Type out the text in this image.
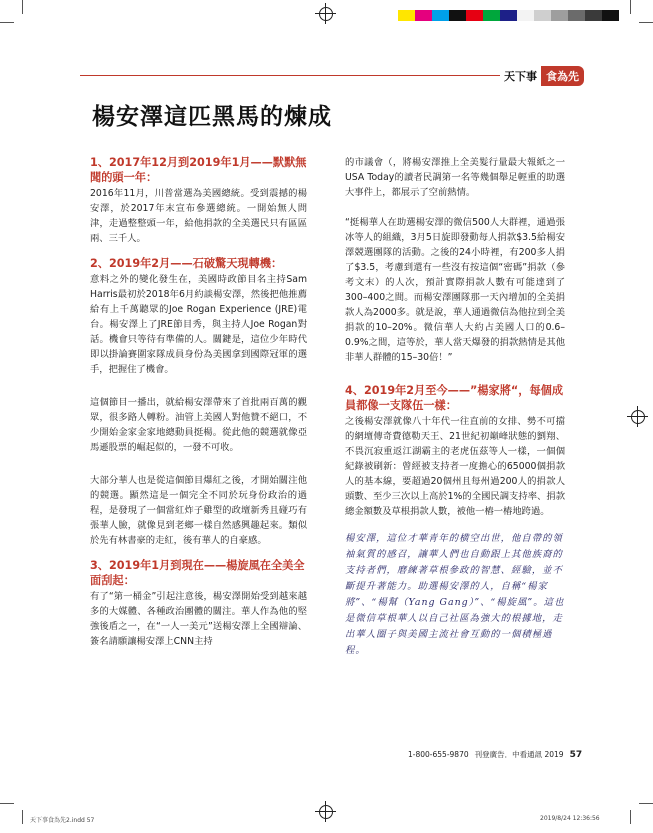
天下事 食為先
楊安澤這匹黑馬的煉成

1、2017年12月到2019年1月——默默無聞的頭一年：

2016年11月，川普當選為美國總統。受到震撼的楊安澤，於2017年末宣布參選總統。一開始無人問津，走過整整頭一年，給他捐款的全美選民只有區區兩、三千人。

2、2019年2月——石破驚天現轉機：

意料之外的變化發生在，美國時政節目名主持Sam Harris最初於2018年6月約談楊安澤，然後把他推薦給有上千萬聽眾的Joe Rogan Experience (JRE)電台。楊安澤上了JRE節目秀，與主持人Joe Rogan對話。機會只等待有準備的人。關鍵是，這位少年時代即以掛論賽圍家隊成員身份為美國拿到國際冠軍的選手，把握住了機會。

這個節目一播出，就給楊安澤帶來了首批兩百萬的觀眾，很多路人轉粉。油管上美國人對他贊不絕口，不少開始金家金家地總動員挺楊。從此他的競選就像亞馬遜股票的崛起似的，一發不可收。

大部分華人也是從這個節目爆紅之後，才開始關注他的競選。顯然這是一個完全不同於玩身份政治的過程，是發現了一個當紅炸子雞型的政壇新秀且碰巧有張華人臉，就像見到老鄉一樣自然感興趣起來。類似於先有林書豪的走紅，後有華人的自豪感。

3、2019年1月到現在——楊旋風在全美全面刮起：

有了“第一桶金”引起注意後，楊安澤開始受到越來越多的大媒體、各種政治團體的關注。華人作為他的堅強後盾之一，在“一人一美元”送楊安澤上全國辯論、簽名請願讓楊安澤上CNN主持

的市議會（，將楊安澤推上全美髮行量最大報紙之一USA Today的讀者民調第一名等幾個舉足輕重的助選大事件上，都展示了空前熱情。

“挺楊華人在助選楊安澤的微信500人大群裡，通過張冰等人的組織，3月5日旋即發動每人捐款$3.5給楊安澤競選團隊的活動。之後的24小時裡，有200多人捐了$3.5，考慮到還有一些沒有按這個“密碼”捐款（參考文末）的人次，預計實際捐款人數有可能達到了300–400之間。而楊安澤團隊那一天內增加的全美捐款人為2000多。就是說，華人通過微信為他拉到全美捐款的10–20%。微信華人大約占美國人口的0.6–0.9%之間，這等於，華人當天爆發的捐款熱情是其他非華人群體的15–30倍！”

4、2019年2月至今——”楊家將“，每個成員都像一支隊伍一樣：

之後楊安澤就像八十年代一往直前的女排、勢不可擋的網壇傳奇費德勒天王、21世紀初巔峰狀態的劉翔、不畏沉寂重返江湖霸主的老虎伍茲等人一樣，一個個紀錄被刷新：曾經被支持者一度擔心的65000個捐款人的基本線，要超過20個州且每州過200人的捐款人頭數、至少三次以上高於1%的全國民調支持率、捐款總金額數及草根捐款人數，被他一樁一樁地跨過。

楊安澤，這位才華青年的横空出世，他自帶的領袖氣質的感召，讓華人們也自動跟上其他族裔的支持者們，磨練著草根參政的智慧、經驗，並不斷提升著能力。助選楊安澤的人，自稱“楊家將”、“楊幫（Yang Gang）”、“楊旋風”。這也是微信草根華人以自己社區為強大的根據地，走出華人圈子與美國主流社會互動的一個積極過程。

1-800-655-9870 刊登廣告．中看通訊 2019 57
天下事食為先2.indd 57	2019/8/24 12:36:56
